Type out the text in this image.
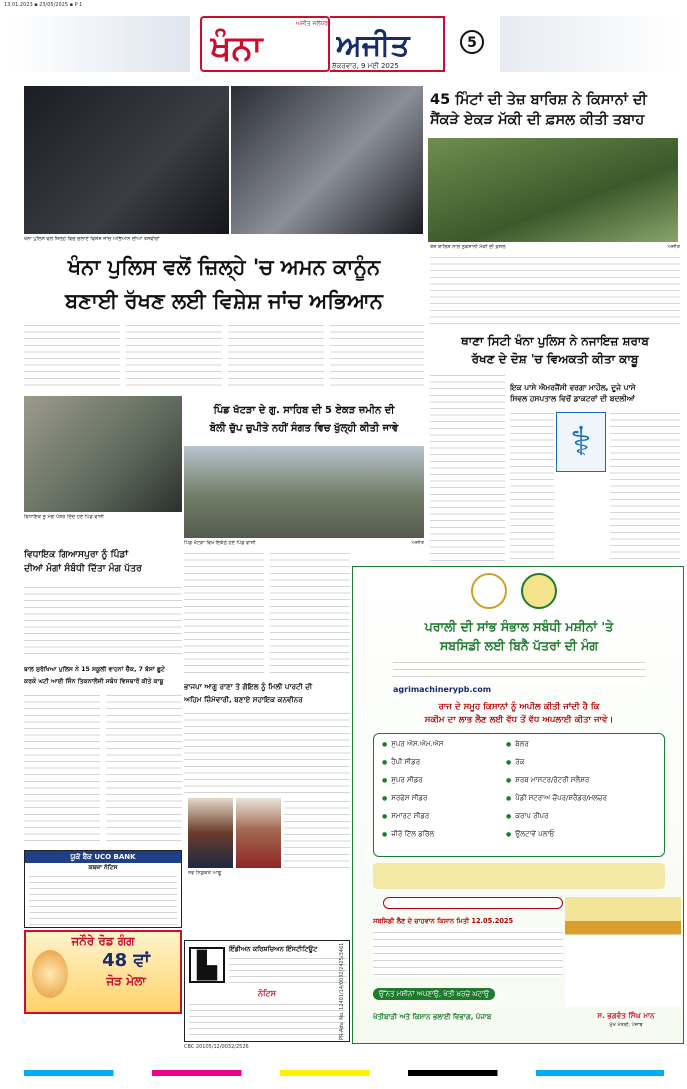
13.01.2023 ▪ 23/05/2025 ▪ P 1
ਅਜੀਤ ਜਲੰਧਰ
ਖੰਨਾ	ਅਜੀਤ
ਸ਼ੁੱਕਰਵਾਰ, 9 ਮਈ 2025
5
ਖੰਨਾ ਪੁਲਿਸ ਵਲੋਂ ਜ਼ਿਲ੍ਹੇ ਵਿਚ ਚਲਾਏ ਵਿਸ਼ੇਸ਼ ਜਾਂਚ ਅਭਿਆਨ ਦੀਆਂ ਤਸਵੀਰਾਂ
45 ਮਿੰਟਾਂ ਦੀ ਤੇਜ਼ ਬਾਰਿਸ਼ ਨੇ ਕਿਸਾਨਾਂ ਦੀ
ਸੈਂਕੜੇ ਏਕੜ ਮੱਕੀ ਦੀ ਫ਼ਸਲ ਕੀਤੀ ਤਬਾਹ
ਤੇਜ਼ ਬਾਰਿਸ਼ ਨਾਲ ਨੁਕਸਾਨੀ ਮੱਕੀ ਦੀ ਫ਼ਸਲ	ਅਜੀਤ
ਖੰਨਾ ਪੁਲਿਸ ਵਲੋਂ ਜ਼ਿਲ੍ਹੇ 'ਚ ਅਮਨ ਕਾਨੂੰਨ
ਬਣਾਈ ਰੱਖਣ ਲਈ ਵਿਸ਼ੇਸ਼ ਜਾਂਚ ਅਭਿਆਨ
ਥਾਣਾ ਸਿਟੀ ਖੰਨਾ ਪੁਲਿਸ ਨੇ ਨਜਾਇਜ਼ ਸ਼ਰਾਬ
ਰੱਖਣ ਦੇ ਦੋਸ਼ 'ਚ ਵਿਅਕਤੀ ਕੀਤਾ ਕਾਬੂ
ਇਕ ਪਾਸੇ ਐਮਰਜੈਂਸੀ ਵਰਗਾ ਮਾਹੌਲ, ਦੂਜੇ ਪਾਸੇ
ਸਿਵਲ ਹਸਪਤਾਲ ਵਿਚੋਂ ਡਾਕਟਰਾਂ ਦੀ ਬਦਲੀਆਂ
⚕
ਵਿਧਾਇਕ ਨੂੰ ਮੰਗ ਪੱਤਰ ਦਿੰਦੇ ਹੋਏ ਪਿੰਡ ਵਾਸੀ
ਵਿਧਾਇਕ ਗਿਆਸਪੁਰਾ ਨੂੰ ਪਿੰਡਾਂ
ਦੀਆਂ ਮੰਗਾਂ ਸੰਬੰਧੀ ਦਿੱਤਾ ਮੰਗ ਪੱਤਰ
ਪਿੰਡ ਖੱਟੜਾ ਦੇ ਗੁ. ਸਾਹਿਬ ਦੀ 5 ਏਕੜ ਜ਼ਮੀਨ ਦੀ
ਬੋਲੀ ਚੁੱਪ ਚੁਪੀਤੇ ਨਹੀਂ ਸੰਗਤ ਵਿਚ ਖੁੱਲ੍ਹੀ ਕੀਤੀ ਜਾਵੇ
ਪਿੰਡ ਖੱਟੜਾ ਵਿਖੇ ਇਕੱਠੇ ਹੋਏ ਪਿੰਡ ਵਾਸੀ	ਅਜੀਤ
ਬਾਲ ਸੁਰੱਖਿਆ ਪੁਲਿਸ ਨੇ 15 ਸਕੂਲੀ ਵਾਹਨਾਂ ਚੈੱਕ, 7 ਬੱਸਾਂ ਛੂਟੇ
ਕਰਕੇ ਘਟੀ ਆਈ ਜਿੰਨ ਤਿਕਨਾਲੋਜੀ ਸਬੰਧ ਵਿਸਥਾਰੋਂ ਕੀਤੇ ਕਾਬੂ
ਭਾਜਪਾ ਆਗੂ ਰਾਣਾ ਤੇ ਗੋਇਲ ਨੂੰ ਮਿਲੀ ਪਾਰਟੀ ਦੀ
ਅਹਿਮ ਜ਼ਿੰਮੇਵਾਰੀ, ਬਣਾਏ ਸਹਾਇਕ ਕਨਵੀਨਰ
ਨਵ ਨਿਯੁਕਤ ਆਗੂ
ਯੂਕੋ ਬੈਂਕ UCO BANK
ਕਬਜ਼ਾ ਨੋਟਿਸ
ਜਨੌਰੇ ਰੋਡ ਗੰਗ
48 ਵਾਂ
ਜੋੜ ਮੇਲਾ	▙
ਇੰਡੀਅਨ ਕਰਿਸ਼ਚਿਅਨ ਇੰਸਟੀਟਿਊਟ
ਨੋਟਿਸ
CBC 20105/12/0032/2526
ਪਰਾਲੀ ਦੀ ਸਾਂਭ ਸੰਭਾਲ ਸਬੰਧੀ ਮਸ਼ੀਨਾਂ 'ਤੇ
ਸਬਸਿਡੀ ਲਈ ਬਿਨੈ ਪੱਤਰਾਂ ਦੀ ਮੰਗ
agrimachinerypb.com
ਰਾਜ ਦੇ ਸਮੂਹ ਕਿਸਾਨਾਂ ਨੂੰ ਅਪੀਲ ਕੀਤੀ ਜਾਂਦੀ ਹੈ ਕਿ
ਸਕੀਮ ਦਾ ਲਾਭ ਲੈਣ ਲਈ ਵੱਧ ਤੋਂ ਵੱਧ ਅਪਲਾਈ ਕੀਤਾ ਜਾਵੇ।
● ਸੁਪਰ ਐਸ.ਐਮ.ਐਸ
● ਹੈਪੀ ਸੀਡਰ
● ਸੁਪਰ ਸੀਡਰ
● ਸਰਫੇਸ ਸੀਡਰ
● ਸਮਾਰਟ ਸੀਡਰ
● ਜ਼ੀਰੋ ਟਿੱਲ ਡਰਿੱਲ
● ਬੇਲਰ
● ਰੇਕ
● ਸ਼ਰਬ ਮਾਸਟਰ/ਰੋਟਰੀ ਸਲੈਸ਼ਰ
● ਪੈਡੀ ਸਟਰਾਅ ਚੌਪਰ/ਸ਼ਰੈਡਰ/ਮਲਚਰ
● ਕਰਾਪ ਰੀਪਰ
● ਉਲਟਾਵੇਂ ਪਲਾਓ
ਸਬਸਿਡੀ ਲੈਣ ਦੇ ਚਾਹਵਾਨ ਕਿਸਾਨ ਮਿਤੀ 12.05.2025
ਉੱਨਤ ਮਸ਼ੀਨਾਂ ਅਪਣਾਉ, ਖੇਤੀ ਖ਼ਰਚੇ ਘਟਾਉ
ਖੇਤੀਬਾੜੀ ਅਤੇ ਕਿਸਾਨ ਭਲਾਈ ਵਿਭਾਗ, ਪੰਜਾਬ	ਸ. ਭਗਵੰਤ ਸਿੰਘ ਮਾਨ
ਮੁੱਖ ਮੰਤਰੀ, ਪੰਜਾਬ
PR-Adv. No. 12401/14/0032/2425/3461
